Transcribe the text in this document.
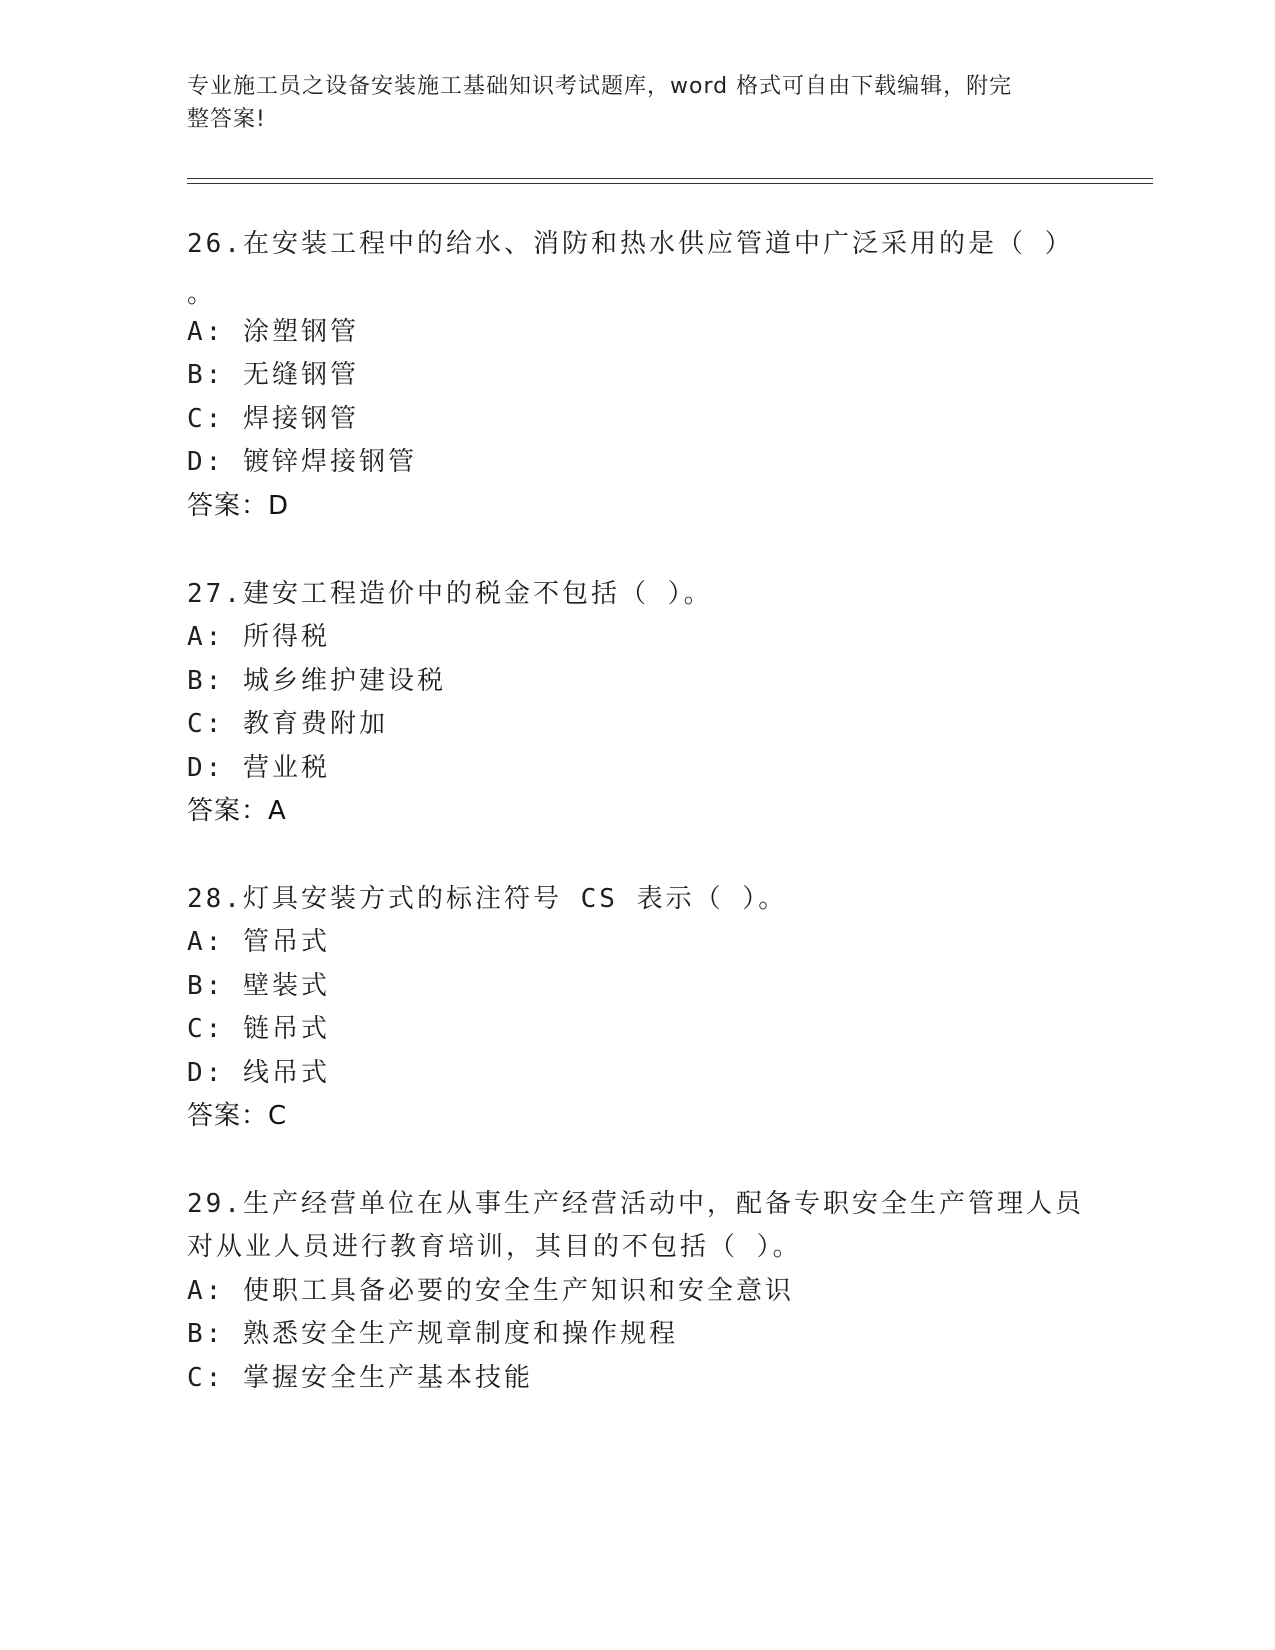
专业施工员之设备安装施工基础知识考试题库，word 格式可自由下载编辑，附完
整答案!
26.在安装工程中的给水、消防和热水供应管道中广泛采用的是（ ）
。
A: 涂塑钢管
B: 无缝钢管
C: 焊接钢管
D: 镀锌焊接钢管
答案：D
27.建安工程造价中的税金不包括（ ）。
A: 所得税
B: 城乡维护建设税
C: 教育费附加
D: 营业税
答案：A
28.灯具安装方式的标注符号 CS 表示（ ）。
A: 管吊式
B: 壁装式
C: 链吊式
D: 线吊式
答案：C
29.生产经营单位在从事生产经营活动中，配备专职安全生产管理人员
对从业人员进行教育培训，其目的不包括（ ）。
A: 使职工具备必要的安全生产知识和安全意识
B: 熟悉安全生产规章制度和操作规程
C: 掌握安全生产基本技能
